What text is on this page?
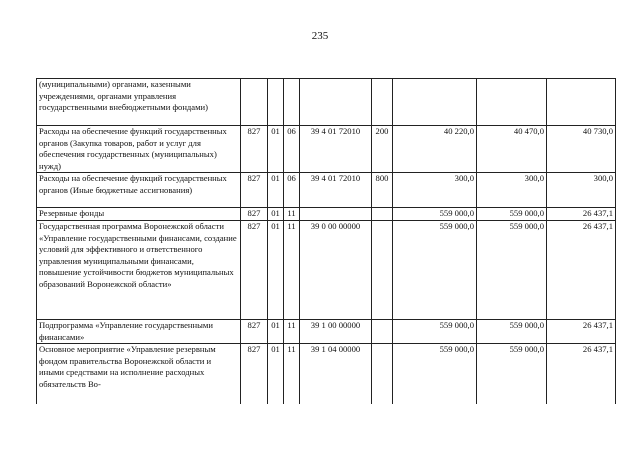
235
(муниципальными) органами, казенными учреждениями, органами управления государственными внебюджетными фондами)								
Расходы на обеспечение функций государственных органов (Закупка товаров, работ и услуг для обеспечения государственных (муниципальных) нужд)	827	01	06	39 4 01 72010	200	40 220,0	40 470,0	40 730,0
Расходы на обеспечение функций государственных органов (Иные бюджетные ассигнования)	827	01	06	39 4 01 72010	800	300,0	300,0	300,0
Резервные фонды	827	01	11			559 000,0	559 000,0	26 437,1
Государственная программа Воронежской области «Управление государственными финансами, создание условий для эффективного и ответственного управления муниципальными финансами, повышение устойчивости бюджетов муниципальных образований Воронежской области»	827	01	11	39 0 00 00000		559 000,0	559 000,0	26 437,1
Подпрограмма «Управление государственными финансами»	827	01	11	39 1 00 00000		559 000,0	559 000,0	26 437,1
Основное мероприятие «Управление резервным фондом правительства Воронежской области и иными средствами на исполнение расходных обязательств Во-	827	01	11	39 1 04 00000		559 000,0	559 000,0	26 437,1
